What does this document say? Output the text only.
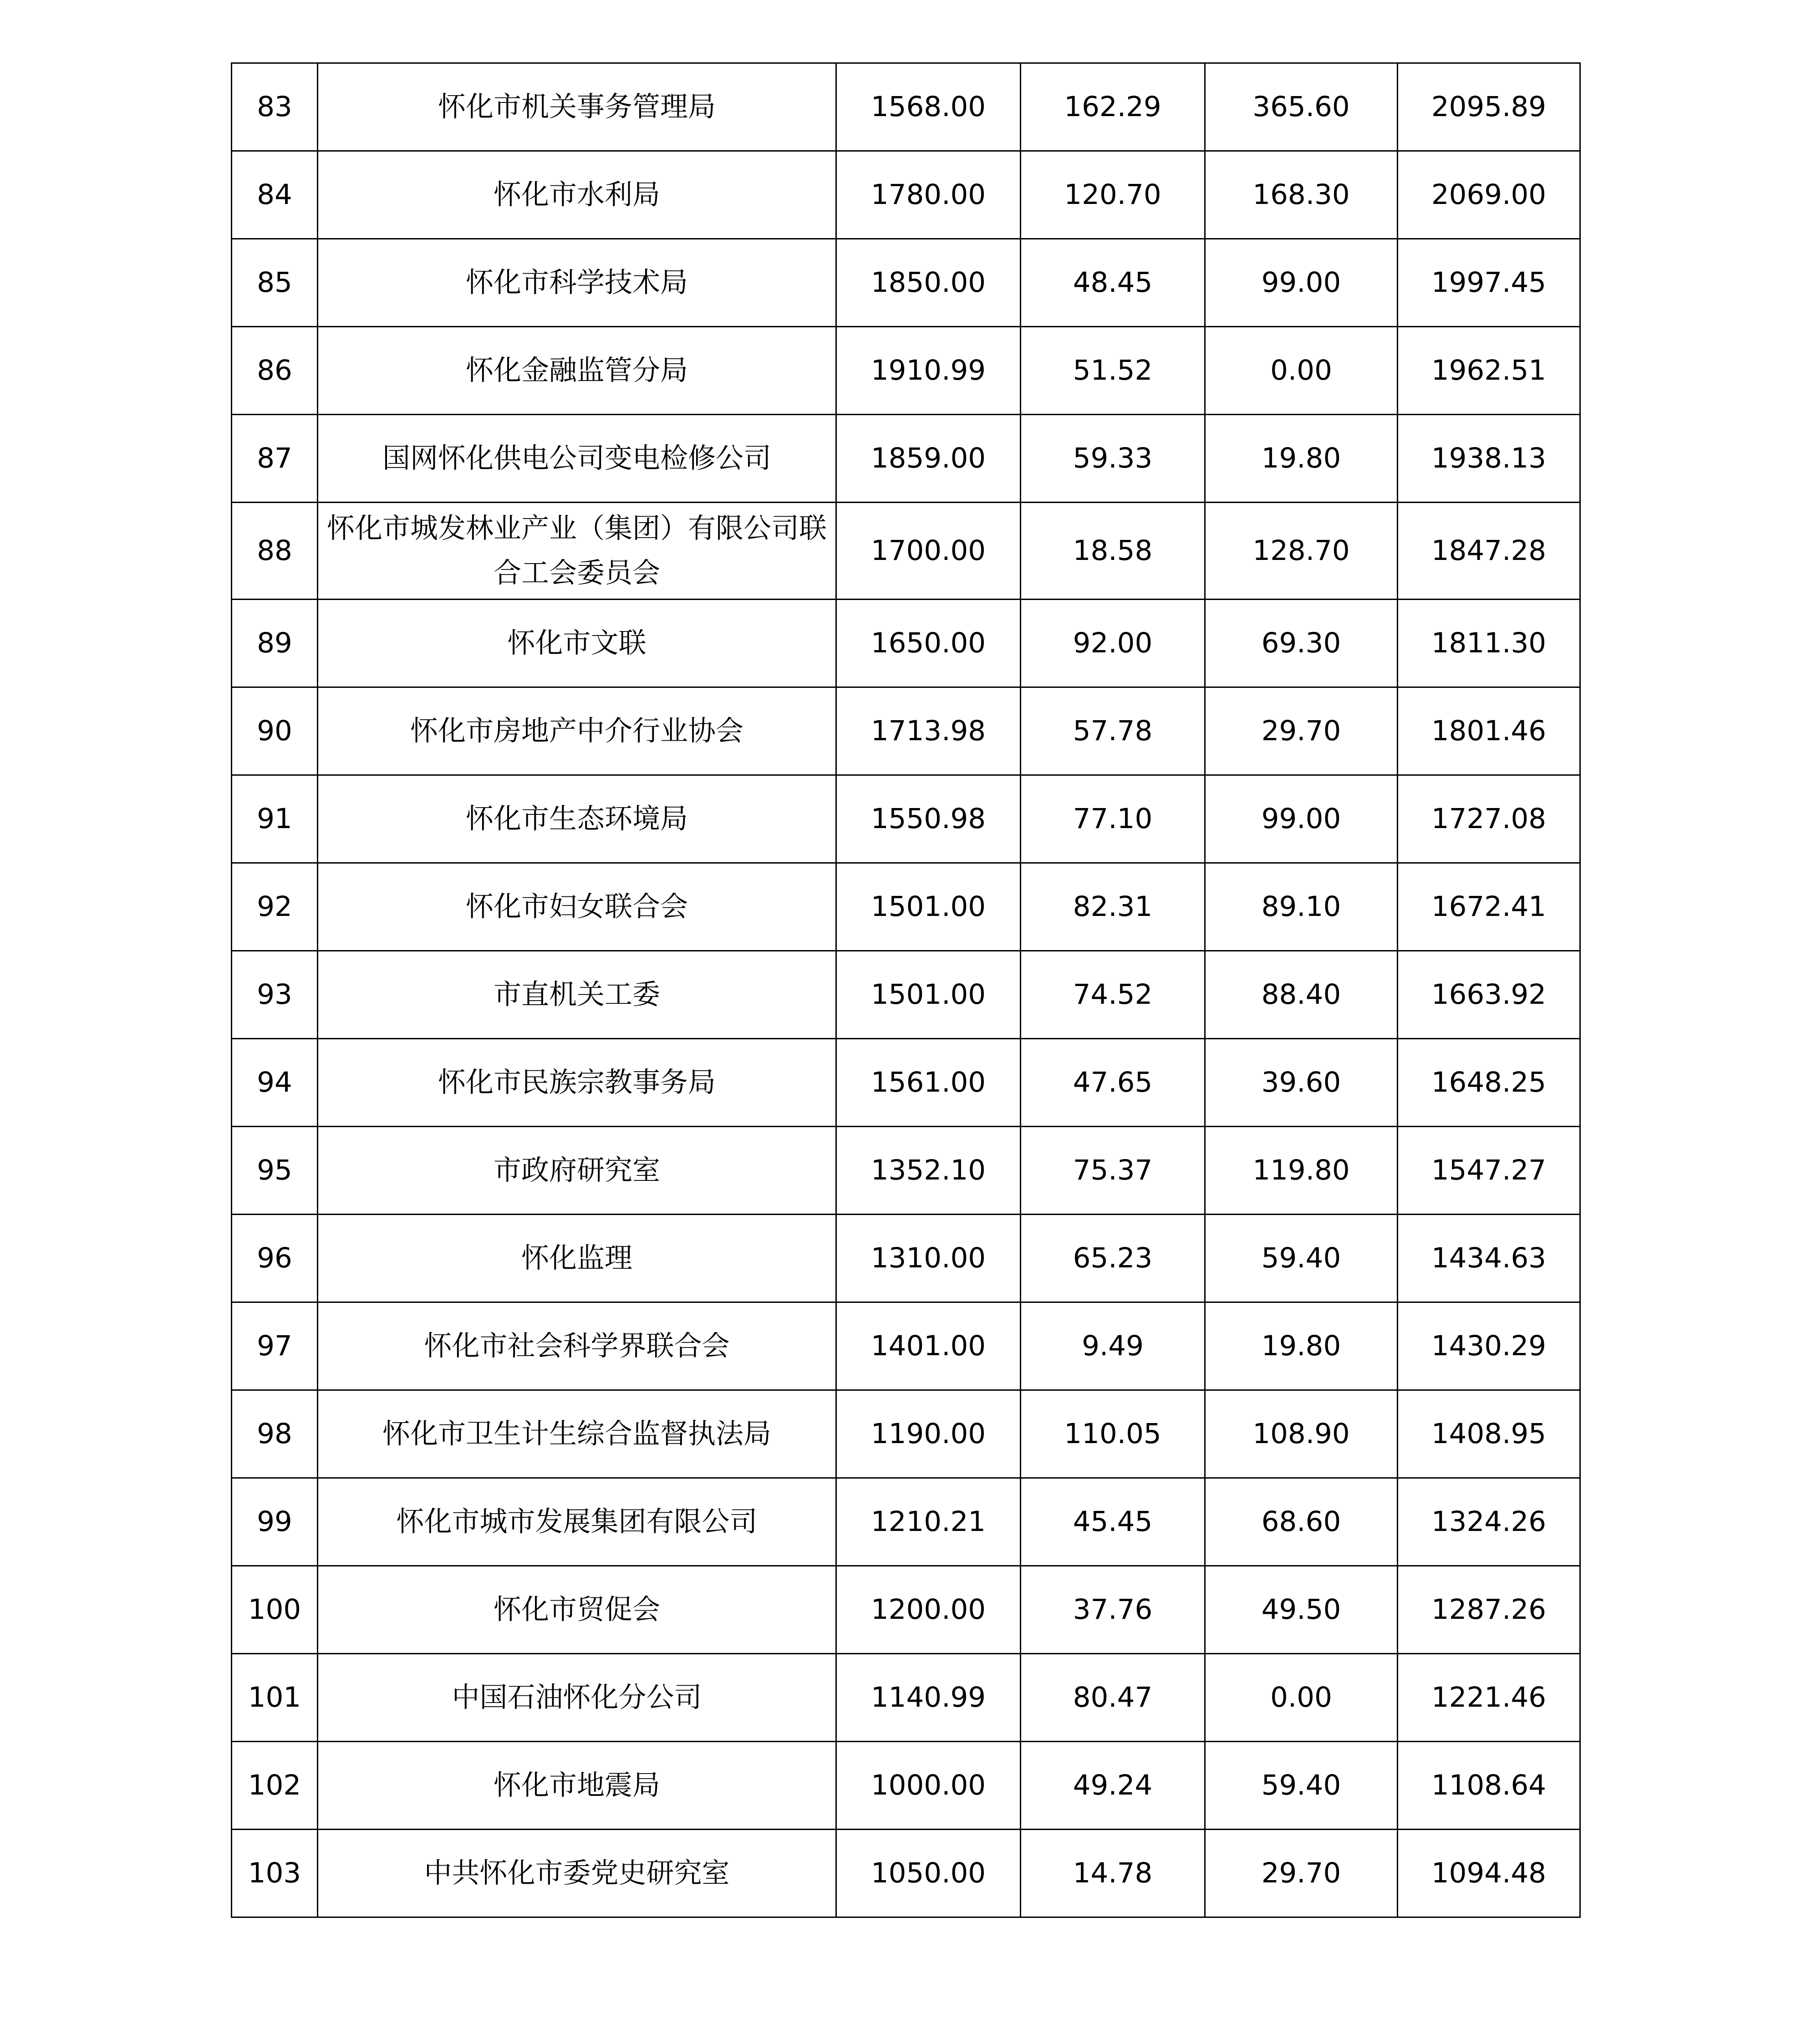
83	怀化市机关事务管理局	1568.00	162.29	365.60	2095.89
84	怀化市水利局	1780.00	120.70	168.30	2069.00
85	怀化市科学技术局	1850.00	48.45	99.00	1997.45
86	怀化金融监管分局	1910.99	51.52	0.00	1962.51
87	国网怀化供电公司变电检修公司	1859.00	59.33	19.80	1938.13
88	怀化市城发林业产业（集团）有限公司联合工会委员会	1700.00	18.58	128.70	1847.28
89	怀化市文联	1650.00	92.00	69.30	1811.30
90	怀化市房地产中介行业协会	1713.98	57.78	29.70	1801.46
91	怀化市生态环境局	1550.98	77.10	99.00	1727.08
92	怀化市妇女联合会	1501.00	82.31	89.10	1672.41
93	市直机关工委	1501.00	74.52	88.40	1663.92
94	怀化市民族宗教事务局	1561.00	47.65	39.60	1648.25
95	市政府研究室	1352.10	75.37	119.80	1547.27
96	怀化监理	1310.00	65.23	59.40	1434.63
97	怀化市社会科学界联合会	1401.00	9.49	19.80	1430.29
98	怀化市卫生计生综合监督执法局	1190.00	110.05	108.90	1408.95
99	怀化市城市发展集团有限公司	1210.21	45.45	68.60	1324.26
100	怀化市贸促会	1200.00	37.76	49.50	1287.26
101	中国石油怀化分公司	1140.99	80.47	0.00	1221.46
102	怀化市地震局	1000.00	49.24	59.40	1108.64
103	中共怀化市委党史研究室	1050.00	14.78	29.70	1094.48
